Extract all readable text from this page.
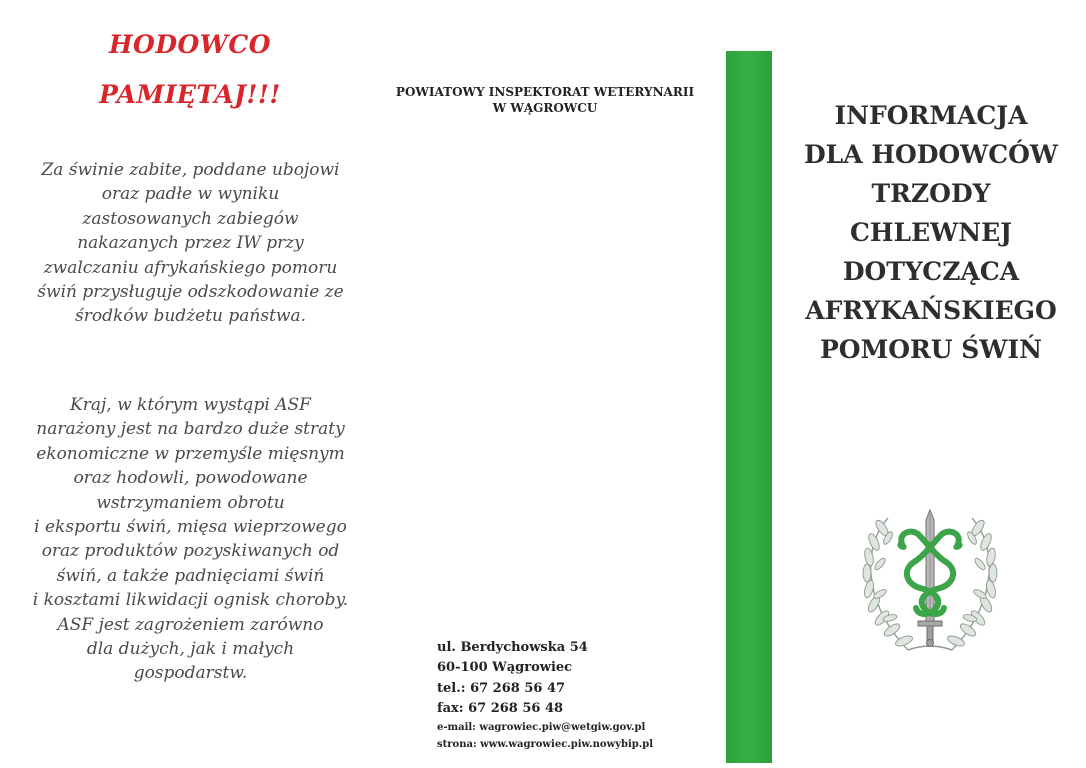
HODOWCO
PAMIĘTAJ!!!
Za świnie zabite, poddane ubojowi
oraz padłe w wyniku
zastosowanych zabiegów
nakazanych przez IW przy
zwalczaniu afrykańskiego pomoru
świń przysługuje odszkodowanie ze
środków budżetu państwa.
Kraj, w którym wystąpi ASF
narażony jest na bardzo duże straty
ekonomiczne w przemyśle mięsnym
oraz hodowli, powodowane
wstrzymaniem obrotu
i eksportu świń, mięsa wieprzowego
oraz produktów pozyskiwanych od
świń, a także padnięciami świń
i kosztami likwidacji ognisk choroby.
ASF jest zagrożeniem zarówno
dla dużych, jak i małych
gospodarstw.
POWIATOWY INSPEKTORAT WETERYNARII
W WĄGROWCU
ul. Berdychowska 54
60-100 Wągrowiec
tel.: 67 268 56 47
fax: 67 268 56 48
e-mail: wagrowiec.piw@wetgiw.gov.pl
strona: www.wagrowiec.piw.nowybip.pl
INFORMACJA
DLA HODOWCÓW
TRZODY
CHLEWNEJ
DOTYCZĄCA
AFRYKAŃSKIEGO
POMORU ŚWIŃ
